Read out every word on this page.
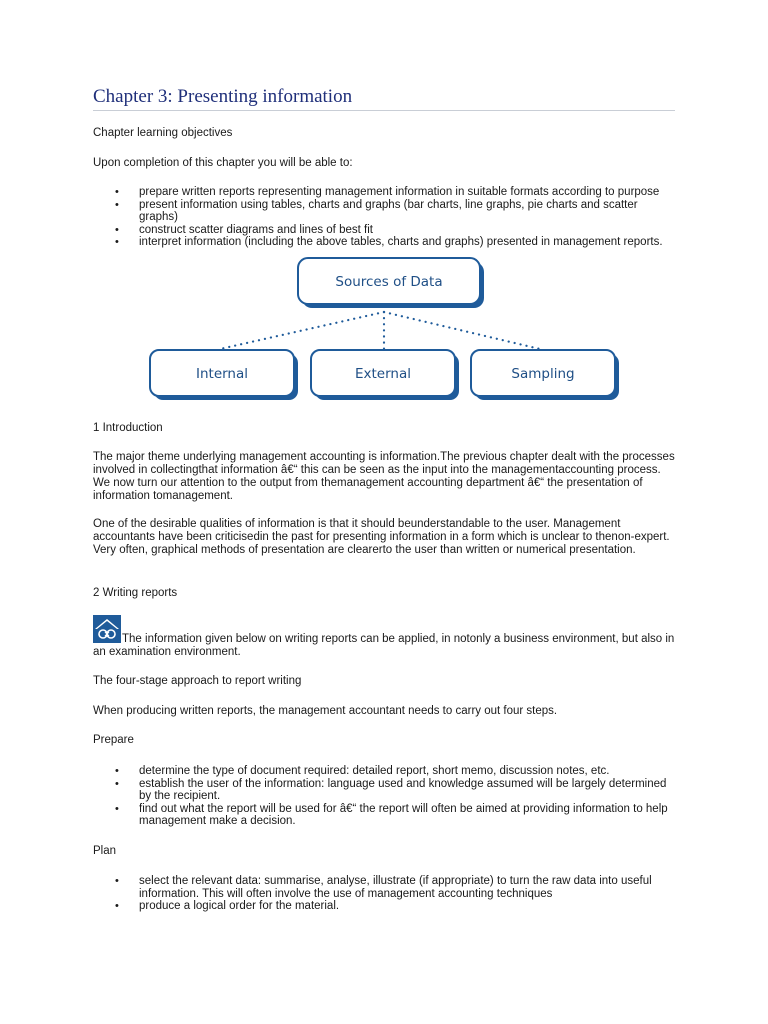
Chapter 3: Presenting information

Chapter learning objectives

Upon completion of this chapter you will be able to:

• prepare written reports representing management information in suitable formats according to purpose
• present information using tables, charts and graphs (bar charts, line graphs, pie charts and scatter graphs)
• construct scatter diagrams and lines of best fit
• interpret information (including the above tables, charts and graphs) presented in management reports.
Sources of Data
Internal	External	Sampling

1 Introduction

The major theme underlying management accounting is information.The previous chapter dealt with the processes involved in collectingthat information â€“ this can be seen as the input into the managementaccounting process. We now turn our attention to the output from themanagement accounting department â€“ the presentation of information tomanagement.

One of the desirable qualities of information is that it should beunderstandable to the user. Management accountants have been criticisedin the past for presenting information in a form which is unclear to thenon-expert. Very often, graphical methods of presentation are clearerto the user than written or numerical presentation.

2 Writing reports

The information given below on writing reports can be applied, in notonly a business environment, but also in an examination environment.

The four-stage approach to report writing

When producing written reports, the management accountant needs to carry out four steps.

Prepare

• determine the type of document required: detailed report, short memo, discussion notes, etc.
• establish the user of the information: language used and knowledge assumed will be largely determined by the recipient.
• find out what the report will be used for â€“ the report will often be aimed at providing information to help management make a decision.

Plan

• select the relevant data: summarise, analyse, illustrate (if appropriate) to turn the raw data into useful information. This will often involve the use of management accounting techniques
• produce a logical order for the material.
